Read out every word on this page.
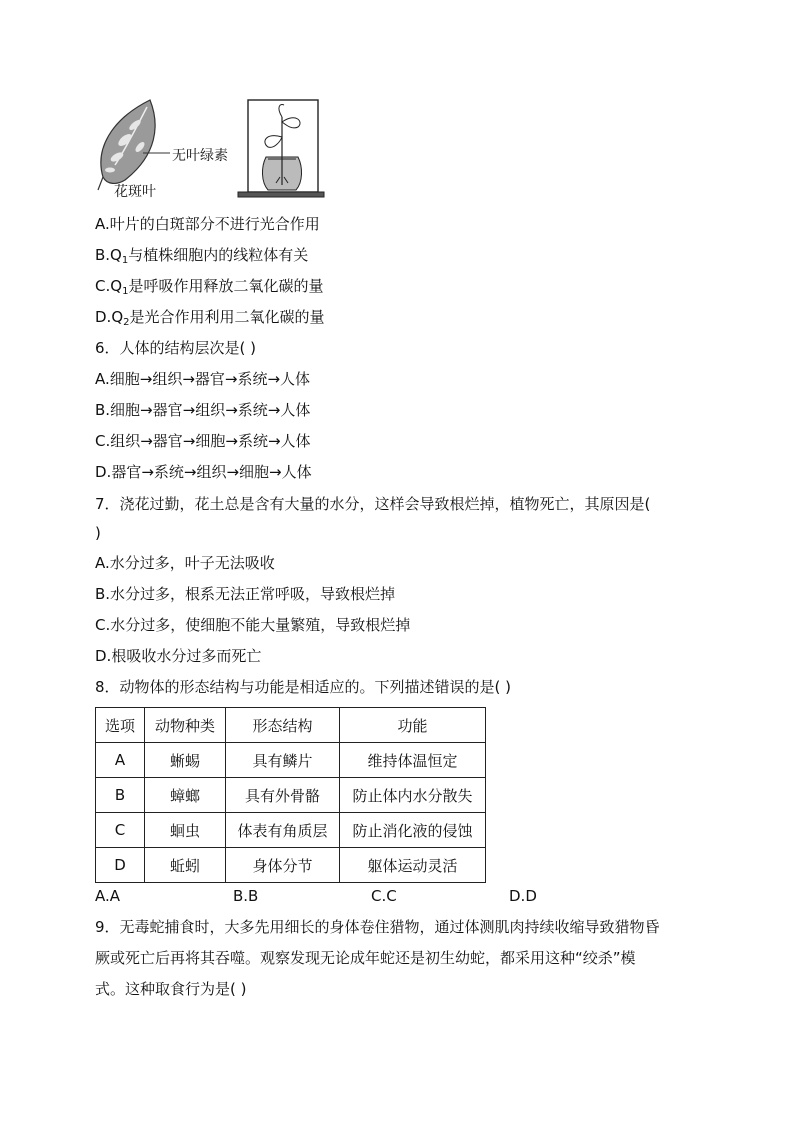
无叶绿素
花斑叶
A.叶片的白斑部分不进行光合作用
$B.Q_1$与植株细胞内的线粒体有关
$C.Q_1$是呼吸作用释放二氧化碳的量
$D.Q_2$是光合作用利用二氧化碳的量
6．人体的结构层次是( )
A.细胞→组织→器官→系统→人体
B.细胞→器官→组织→系统→人体
C.组织→器官→细胞→系统→人体
D.器官→系统→组织→细胞→人体
7．浇花过勤，花土总是含有大量的水分，这样会导致根烂掉，植物死亡，其原因是(
)
A.水分过多，叶子无法吸收
B.水分过多，根系无法正常呼吸，导致根烂掉
C.水分过多，使细胞不能大量繁殖，导致根烂掉
D.根吸收水分过多而死亡
8．动物体的形态结构与功能是相适应的。下列描述错误的是( )
选项	动物种类	形态结构	功能
A	蜥蜴	具有鳞片	维持体温恒定
B	蟑螂	具有外骨骼	防止体内水分散失
C	蛔虫	体表有角质层	防止消化液的侵蚀
D	蚯蚓	身体分节	躯体运动灵活
A.A	B.B	C.C	D.D
9．无毒蛇捕食时，大多先用细长的身体卷住猎物，通过体测肌肉持续收缩导致猎物昏
厥或死亡后再将其吞噬。观察发现无论成年蛇还是初生幼蛇，都采用这种“绞杀”模
式。这种取食行为是( )
